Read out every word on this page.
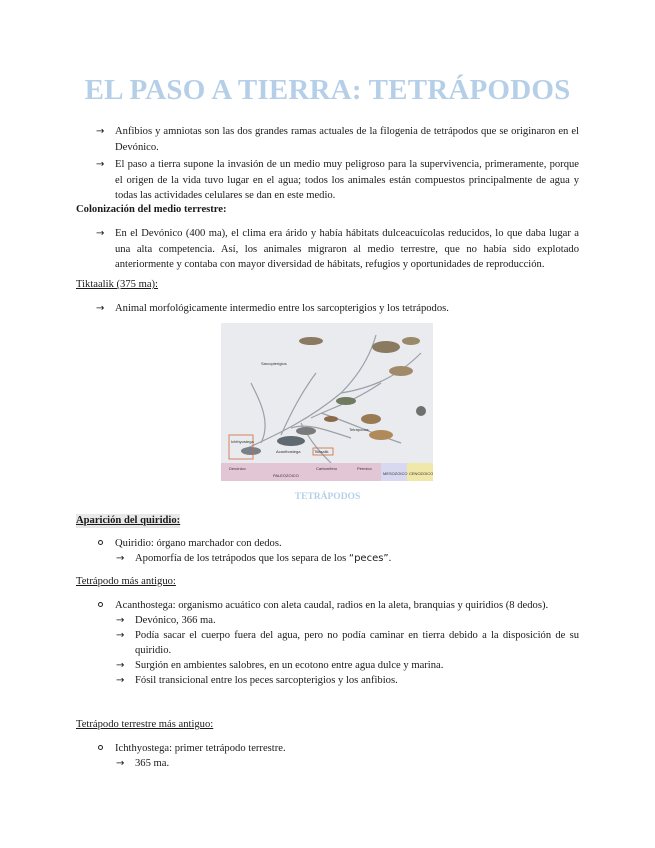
EL PASO A TIERRA: TETRÁPODOS
→ Anfibios y amniotas son las dos grandes ramas actuales de la filogenia de tetrápodos que se originaron en el Devónico.
→ El paso a tierra supone la invasión de un medio muy peligroso para la supervivencia, primeramente, porque el origen de la vida tuvo lugar en el agua; todos los animales están compuestos principalmente de agua y todas las actividades celulares se dan en este medio.

Colonización del medio terrestre:

→ En el Devónico (400 ma), el clima era árido y había hábitats dulceacuícolas reducidos, lo que daba lugar a una alta competencia. Así, los animales migraron al medio terrestre, que no había sido explotado anteriormente y contaba con mayor diversidad de hábitats, refugios y oportunidades de reproducción.

Tiktaalik (375 ma):

→ Animal morfológicamente intermedio entre los sarcopterigios y los tetrápodos.
Ichthyostega
Acanthostega	Tiktaalik
Sarcopterigios
Tetrápodos
Devónico
PALEOZOICO
Carbonífero	Pérmico
MESOZOICO CENOZOICO

TETRÁPODOS

Aparición del quiridio:

Quiridio: órgano marchador con dedos.

→ Apomorfía de los tetrápodos que los separa de los “peces”.

Tetrápodo más antiguo:

Acanthostega: organismo acuático con aleta caudal, radios en la aleta, branquias y quiridios (8 dedos).

→ Devónico, 366 ma.
→ Podía sacar el cuerpo fuera del agua, pero no podía caminar en tierra debido a la disposición de su quiridio.
→ Surgión en ambientes salobres, en un ecotono entre agua dulce y marina.
→ Fósil transicional entre los peces sarcopterigios y los anfibios.

Tetrápodo terrestre más antiguo:

Ichthyostega: primer tetrápodo terrestre.

→ 365 ma.
